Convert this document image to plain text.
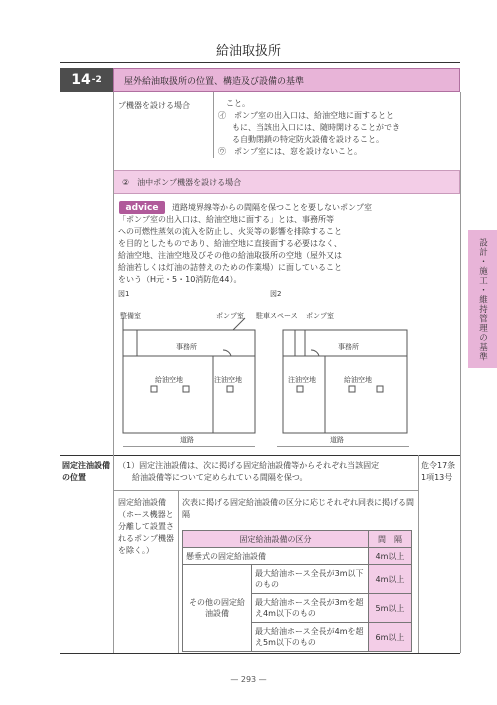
給油取扱所
14 -2	屋外給油取扱所の位置、構造及び設備の基準
プ機器を設ける場合	こと。
㋑　ポンプ室の出入口は、給油空地に面するとと
もに、当該出入口には、随時開けることができ
る自動閉鎖の特定防火設備を設けること。
㋒　ポンプ室には、窓を設けないこと。
②　油中ポンプ機器を設ける場合
advice	道路境界線等からの間隔を保つことを要しないポンプ室
「ポンプ室の出入口は、給油空地に面する」とは、事務所等
への可燃性蒸気の流入を防止し、火災等の影響を排除すること
を目的としたものであり、給油空地に直接面する必要はなく、
給油空地、注油空地及びその他の給油取扱所の空地（屋外又は
給油若しくは灯油の詰替えのための作業場）に面していること
をいう（H元・5・10消防危44）。
図1	図2
整備室	ポンプ室
事務所
給油空地	注油空地
道路
駐車スペース ポンプ室
事務所
注油空地	給油空地
道路
設計・施工・維持管理の基準
固定注油設備の位置
（1）固定注油設備は、次に掲げる固定給油設備等からそれぞれ当該固定
給油設備等について定められている間隔を保つ。
危令17条1項13号
固定給油設備（ホース機器と分離して設置されるポンプ機器を除く。）
次表に掲げる固定給油設備の区分に応じそれぞれ同表に掲げる間隔
固定給油設備の区分		間　隔
懸垂式の固定給油設備		4m以上
その他の固定給油設備	最大給油ホース全長が3m以下のもの	4m以上
	最大給油ホース全長が3mを超え4m以下のもの	5m以上
	最大給油ホース全長が4mを超え5m以下のもの	6m以上
— 293 —
